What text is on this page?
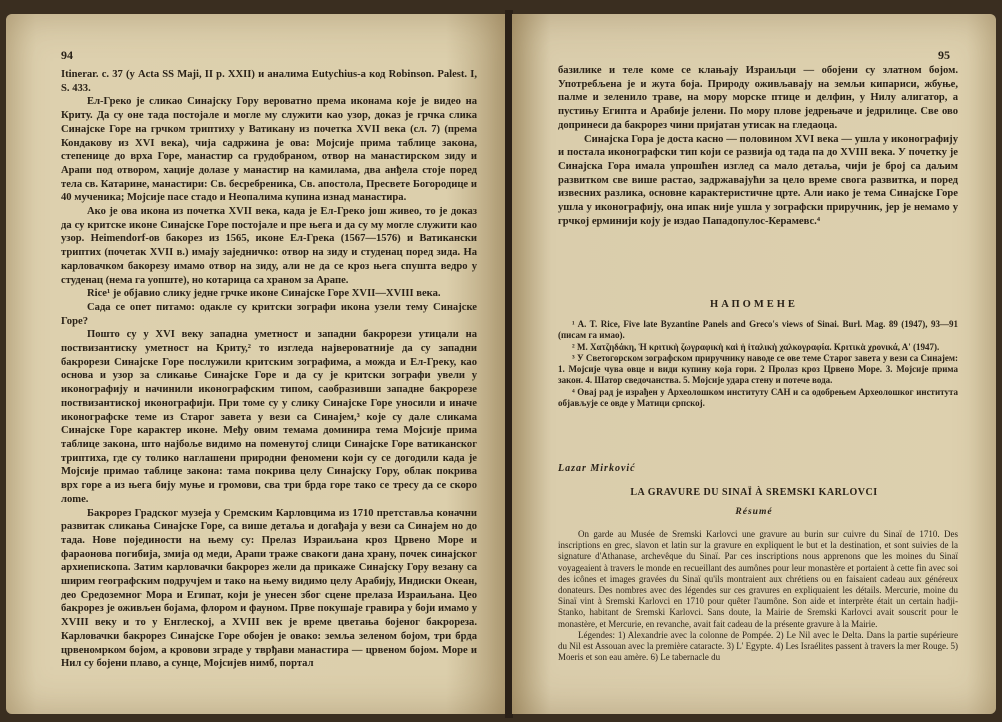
94

Itinerar. c. 37 (у Acta SS Maji, II p. XXII) и аналима Eutychius-a код Robinson. Palest. I, S. 433.

Ел-Греко је сликао Синајску Гору вероватно према иконама које је видео на Криту. Да су оне тада постојале и могле му служити као узор, доказ је грчка слика Синајске Горе на грчком триптиху у Ватикану из почетка XVII века (сл. 7) (према Кондакову из XVI века), чија садржина је ова: Мојсије прима таблице закона, степенице до врха Горе, манастир са грудобраном, отвор на манастирском зиду и Арапи под отвором, хације долазе у манастир на камилама, два анђела стоје поред тела св. Катарине, манастири: Св. бесребреника, Св. апостола, Пресвете Богородице и 40 мученика; Мојсије пасе стадо и Неопалима купина изнад манастира.

Ако је ова икона из почетка XVII века, када је Ел-Греко још живео, то је доказ да су критске иконе Синајске Горе постојале и пре њега и да су му могле служити као узор. Heimendorf-ов бакорез из 1565, иконе Ел-Грека (1567—1576) и Ватикански триптих (почетак XVII в.) имају заједничко: отвор на зиду и студенац поред зида. На карловачком бакорезу имамо отвор на зиду, али не да се кроз њега спушта ведро у студенац (нема га уопште), но котарица са храном за Арапе.

Rice¹ је објавио слику једне грчке иконе Синајске Горе XVII—XVIII века.

Сада се опет питамо: одакле су критски зографи икона узели тему Синајске Горе?

Пошто су у XVI веку западна уметност и западни бакрорези утицали на поствизантиску уметност на Криту,² то изгледа највероватније да су западни бакрорези Синајске Горе послужили критским зографима, а можда и Ел-Греку, као основа и узор за сликање Синајске Горе и да су је критски зографи увели у иконографију и начинили иконографским типом, саобразивши западне бакрорезе поствизантиској иконографији. При томе су у слику Синајске Горе уносили и иначе иконографске теме из Старог завета у вези са Синајем,³ које су дале сликама Синајске Горе карактер иконе. Међу овим темама доминира тема Мојсије прима таблице закона, што најбоље видимо на поменутој слици Синајске Горе ватиканског триптиха, где су толико наглашени природни феномени који су се догодили када је Мојсије примао таблице закона: тама покрива целу Синајску Гору, облак покрива врх горе а из њега бију муње и громови, сва три брда горе тако се тресу да се скоро лome.

Бакрорез Градског музеја у Сремским Карловцима из 1710 претставља коначни развитак сликања Синајске Горе, са више детаља и догађаја у вези са Синајем но до тада. Нове појединости на њему су: Прелаз Израиљана кроз Црвено Море и фараонова погибија, змија од меди, Арапи траже свакоги дана храну, почек синајског архиепископа. Затим карловачки бакрорез жели да прикаже Синајску Гору везану са ширим географским подручјем и тако на њему видимо целу Арабију, Индиски Океан, део Средоземног Мора и Египат, који је унесен због сцене прелаза Израиљана. Цео бакрорез је оживљен бојама, флором и фауном. Прве покушаје гравира у боји имамо у XVIII веку и то у Енглеској, а XVIII век је време цветања бојеног бакрореза. Карловачки бакрорез Синајске Горе обојен је овако: земља зеленом бојом, три брда црвеномрком бојом, а кровови зграде у тврђави манастира — црвеном бојом. Море и Нил су бојени плаво, а сунце, Мојсијев нимб, портал

95

базилике и теле коме се клањају Израиљци — обојени су златном бојом. Употребљена је и жута боја. Природу оживљавају на земљи кипариси, жбуње, палме и зеленило траве, на мору морске птице и делфин, у Нилу алигатор, а пустињу Египта и Арабије јелени. По мору плове једрењаче и једрилице. Све ово допринеси да бакрорез чини пријатан утисак на гледаоца.

Синајска Гора је доста касно — половином XVI века — ушла у иконографију и постала иконографски тип који се развија од тада па до XVIII века. У почетку је Синајска Гора имала упрошћен изглед са мало детаља, чији је број са даљим развитком све више растао, задржавајући за цело време свога развитка, и поред извесних разлика, основне карактеристичне црте. Али иако је тема Синајске Горе ушла у иконографију, она ипак није ушла у зографски приручник, јер је немамо у грчкој ерминији коју је издао Пападопулос-Керамевс.⁴

НАПОМЕНЕ

¹ A. T. Rice, Five late Byzantine Panels and Greco's views of Sinai. Burl. Mag. 89 (1947), 93—91 (писам га имао).

² M. Χατζηδάκη, Ἡ κριτικὴ ζωγραφικὴ καὶ ἡ ἰταλικὴ χαλκογραφία. Κριτικὰ χρονικά, Α' (1947).

³ У Светогорском зографском приручнику наводе се ове теме Старог завета у вези са Синајем: 1. Мојсије чува овце и види купину која гори. 2 Пролаз кроз Црвено Море. 3. Мојсије прима закон. 4. Шатор сведочанства. 5. Мојсије удара стену и потече вода.

⁴ Овај рад је израђен у Археолошком институту САН и са одобрењем Археолошког института објављује се овде у Матици српској.

Lazar Mirković
LA GRAVURE DU SINAÏ À SREMSKI KARLOVCI
Résumé

On garde au Musée de Sremski Karlovci une gravure au burin sur cuivre du Sinaï de 1710. Des inscriptions en grec, slavon et latin sur la gravure en expliquent le but et la destination, et sont suivies de la signature d'Athanase, archevêque du Sinaï. Par ces inscriptions nous apprenons que les moines du Sinaï voyageaient à travers le monde en recueillant des aumônes pour leur monastère et portaient à cette fin avec soi des icônes et images gravées du Sinaï qu'ils montraient aux chrétiens ou en faisaient cadeau aux généreux donateurs. Des nombres avec des légendes sur ces gravures en expliquaient les détails. Mercurie, moine du Sinaï vint à Sremski Karlovci en 1710 pour quêter l'aumône. Son aide et interprète était un certain hadji-Stanko, habitant de Sremski Karlovci. Sans doute, la Mairie de Sremski Karlovci avait souscrit pour le monastère, et Mercurie, en revanche, avait fait cadeau de la présente gravure à la Mairie.

Légendes: 1) Alexandrie avec la colonne de Pompée. 2) Le Nil avec le Delta. Dans la partie supérieure du Nil est Assouan avec la première cataracte. 3) L' Egypte. 4) Les Israélites passent à travers la mer Rouge. 5) Moeris et son eau amère. 6) Le tabernacle du
